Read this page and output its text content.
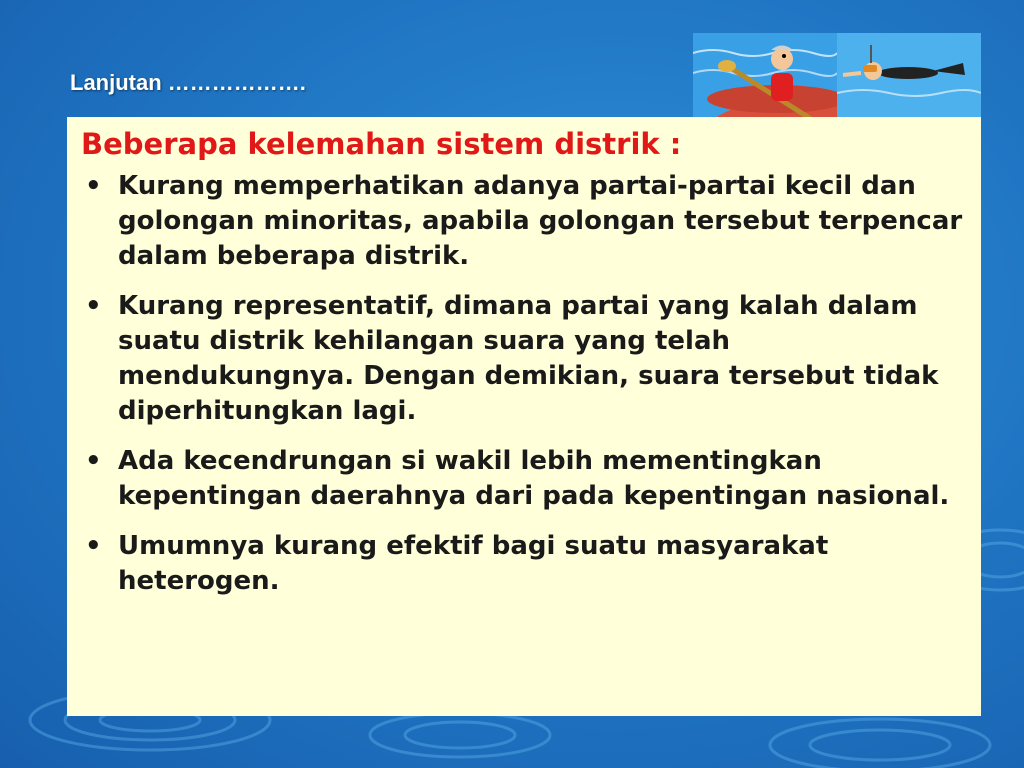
Lanjutan ……………….
Beberapa kelemahan sistem distrik :
• Kurang memperhatikan adanya partai-partai kecil dan golongan minoritas, apabila golongan tersebut terpencar dalam beberapa distrik.
• Kurang representatif, dimana partai yang kalah dalam suatu distrik kehilangan suara yang telah mendukungnya. Dengan demikian, suara tersebut tidak diperhitungkan lagi.
• Ada kecendrungan si wakil lebih mementingkan kepentingan daerahnya dari pada kepentingan nasional.
• Umumnya kurang efektif bagi suatu masyarakat heterogen.
